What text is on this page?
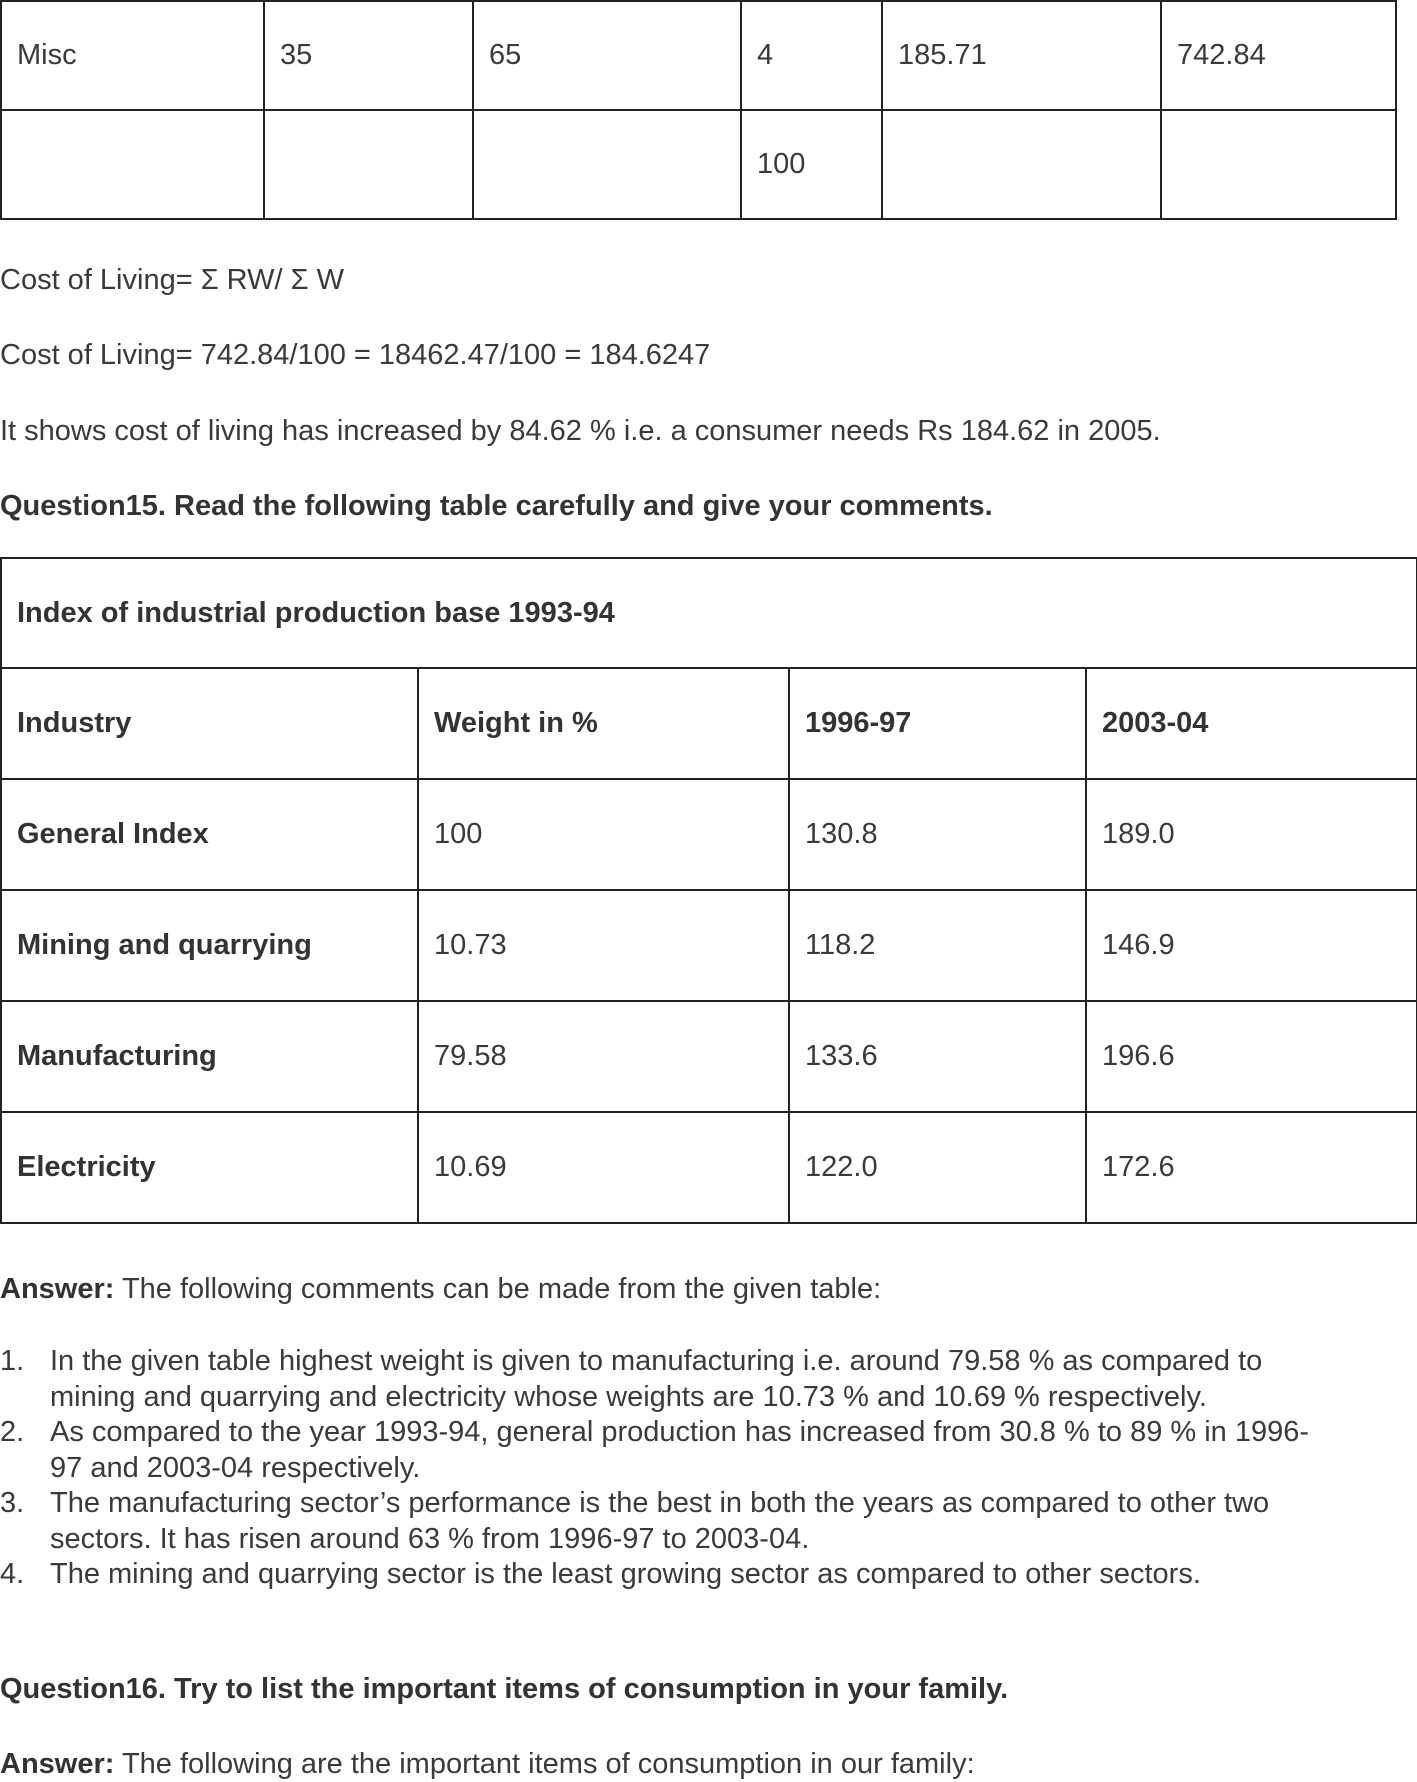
Misc	35	65	4	185.71	742.84
			100		

Cost of Living= Σ RW/ Σ W

Cost of Living= 742.84/100 = 18462.47/100 = 184.6247

It shows cost of living has increased by 84.62 % i.e. a consumer needs Rs 184.62 in 2005.

Question15. Read the following table carefully and give your comments.

Index of industrial production base 1993-94			
Industry	Weight in %	1996-97	2003-04
General Index	100	130.8	189.0
Mining and quarrying	10.73	118.2	146.9
Manufacturing	79.58	133.6	196.6
Electricity	10.69	122.0	172.6

Answer: The following comments can be made from the given table:

1. In the given table highest weight is given to manufacturing i.e. around 79.58 % as compared to mining and quarrying and electricity whose weights are 10.73 % and 10.69 % respectively.
2. As compared to the year 1993-94, general production has increased from 30.8 % to 89 % in 1996-97 and 2003-04 respectively.
3. The manufacturing sector’s performance is the best in both the years as compared to other two sectors. It has risen around 63 % from 1996-97 to 2003-04.
4. The mining and quarrying sector is the least growing sector as compared to other sectors.

Question16. Try to list the important items of consumption in your family.

Answer: The following are the important items of consumption in our family:
